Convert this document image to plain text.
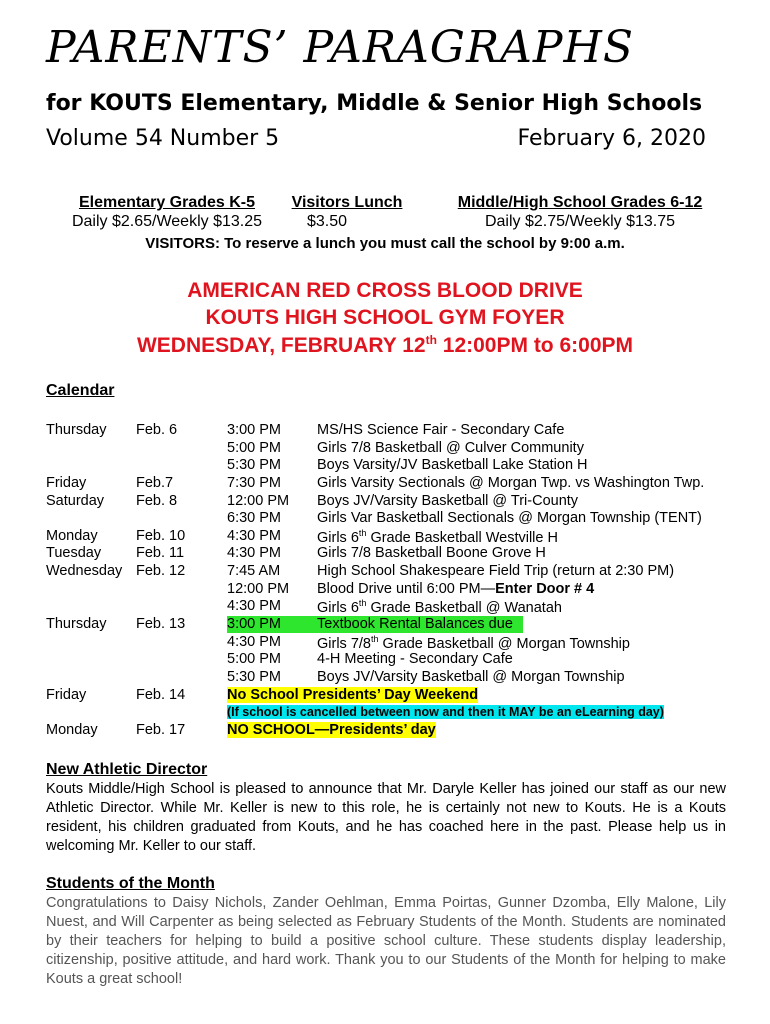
PARENTS’ PARAGRAPHS
for KOUTS Elementary, Middle & Senior High Schools
Volume 54 Number 5	February 6, 2020
Elementary Grades K-5
Daily $2.65/Weekly $13.25
Visitors Lunch
$3.50
Middle/High School Grades 6-12
Daily $2.75/Weekly $13.75
VISITORS: To reserve a lunch you must call the school by 9:00 a.m.
AMERICAN RED CROSS BLOOD DRIVE
KOUTS HIGH SCHOOL GYM FOYER
WEDNESDAY, FEBRUARY 12th 12:00PM to 6:00PM
Calendar
Thursday Feb. 6	3:00 PM MS/HS Science Fair - Secondary Cafe
5:00 PM Girls 7/8 Basketball @ Culver Community
5:30 PM Boys Varsity/JV Basketball Lake Station H
Friday	Feb.7	7:30 PM Girls Varsity Sectionals @ Morgan Twp. vs Washington Twp.
Saturday Feb. 8	12:00 PM Boys JV/Varsity Basketball @ Tri-County
6:30 PM Girls Var Basketball Sectionals @ Morgan Township (TENT)
Monday	Feb. 10	4:30 PM Girls 6th Grade Basketball Westville H
Tuesday Feb. 11	4:30 PM Girls 7/8 Basketball Boone Grove H
Wednesday Feb. 12	7:45 AM	High School Shakespeare Field Trip (return at 2:30 PM)
12:00 PM Blood Drive until 6:00 PM—Enter Door # 4
4:30 PM Girls 6th Grade Basketball @ Wanatah
Thursday Feb. 13	3:00 PM Textbook Rental Balances due
4:30 PM Girls 7/8th Grade Basketball @ Morgan Township
5:00 PM 4-H Meeting - Secondary Cafe
5:30 PM Boys JV/Varsity Basketball @ Morgan Township
Friday	Feb. 14	No School Presidents’ Day Weekend
(If school is cancelled between now and then it MAY be an eLearning day)
Monday	Feb. 17	NO SCHOOL—Presidents’ day
New Athletic Director
Kouts Middle/High School is pleased to announce that Mr. Daryle Keller has joined our staff as our new Athletic Director. While Mr. Keller is new to this role, he is certainly not new to Kouts. He is a Kouts resident, his children graduated from Kouts, and he has coached here in the past. Please help us in welcoming Mr. Keller to our staff.
Students of the Month
Congratulations to Daisy Nichols, Zander Oehlman, Emma Poirtas, Gunner Dzomba, Elly Malone, Lily Nuest, and Will Carpenter as being selected as February Students of the Month. Students are nominated by their teachers for helping to build a positive school culture. These students display leadership, citizenship, positive attitude, and hard work. Thank you to our Students of the Month for helping to make Kouts a great school!
